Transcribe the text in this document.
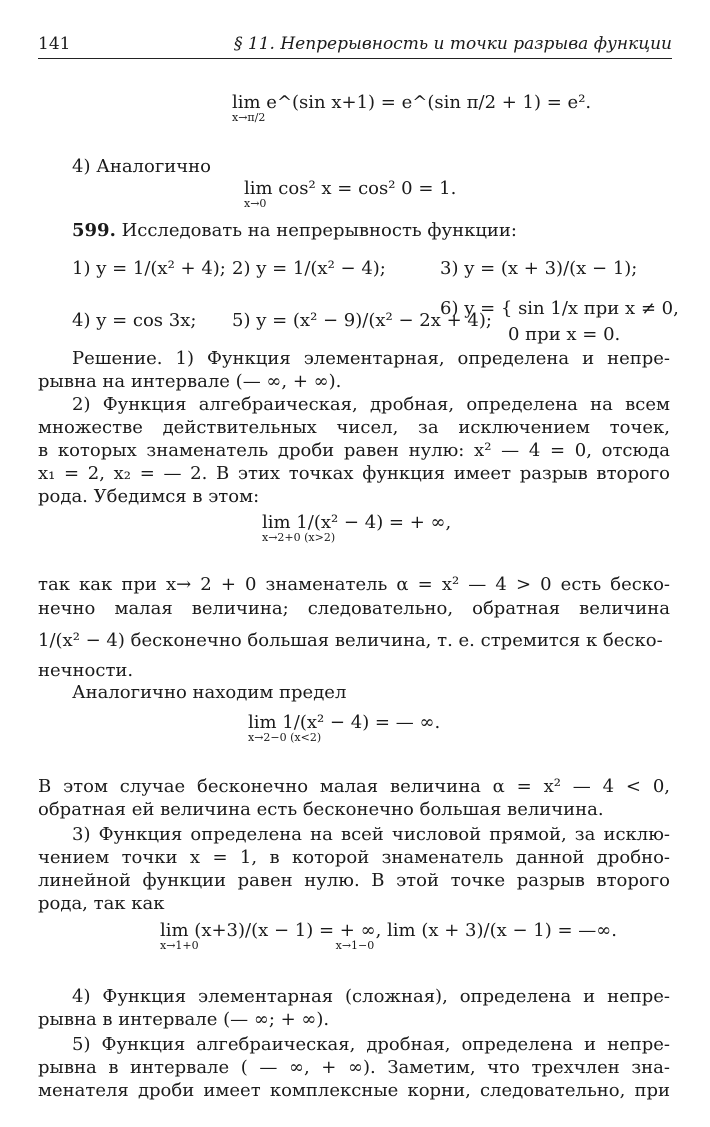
141	§ 11. Непрерывность и точки разрыва функции
lim e^(sin x+1) = e^(sin π/2 + 1) = e².
x→π/2
4) Аналогично
lim cos² x = cos² 0 = 1.
x→0
599. Исследовать на непрерывность функции:
1) y = 1/(x² + 4); 2) y = 1/(x² − 4);	3) y = (x + 3)/(x − 1);
4) y = cos 3x; 5) y = (x² − 9)/(x² − 2x + 4);
6) y = { sin 1/x при x ≠ 0,
0 при x = 0.
Решение. 1) Функция элементарная, определена и непре-
рывна на интервале (— ∞, + ∞).
2) Функция алгебраическая, дробная, определена на всем
множестве действительных чисел, за исключением точек,
в которых знаменатель дроби равен нулю: x² — 4 = 0, отсюда
x₁ = 2, x₂ = — 2. В этих точках функция имеет разрыв второго
рода. Убедимся в этом:
lim 1/(x² − 4) = + ∞,
x→2+0 (x>2)
так как при x→ 2 + 0 знаменатель α = x² — 4 > 0 есть беско-
нечно малая величина; следовательно, обратная величина
1/(x² − 4) бесконечно большая величина, т. е. стремится к беско-
нечности.
Аналогично находим предел
lim 1/(x² − 4) = — ∞.
x→2−0 (x<2)
В этом случае бесконечно малая величина α = x² — 4 < 0,
обратная ей величина есть бесконечно большая величина.
3) Функция определена на всей числовой прямой, за исклю-
чением точки x = 1, в которой знаменатель данной дробно-
линейной функции равен нулю. В этой точке разрыв второго
рода, так как
lim (x+3)/(x − 1) = + ∞, lim (x + 3)/(x − 1) = —∞.
x→1+0	x→1−0
4) Функция элементарная (сложная), определена и непре-
рывна в интервале (— ∞; + ∞).
5) Функция алгебраическая, дробная, определена и непре-
рывна в интервале ( — ∞, + ∞). Заметим, что трехчлен зна-
менателя дроби имеет комплексные корни, следовательно, при
